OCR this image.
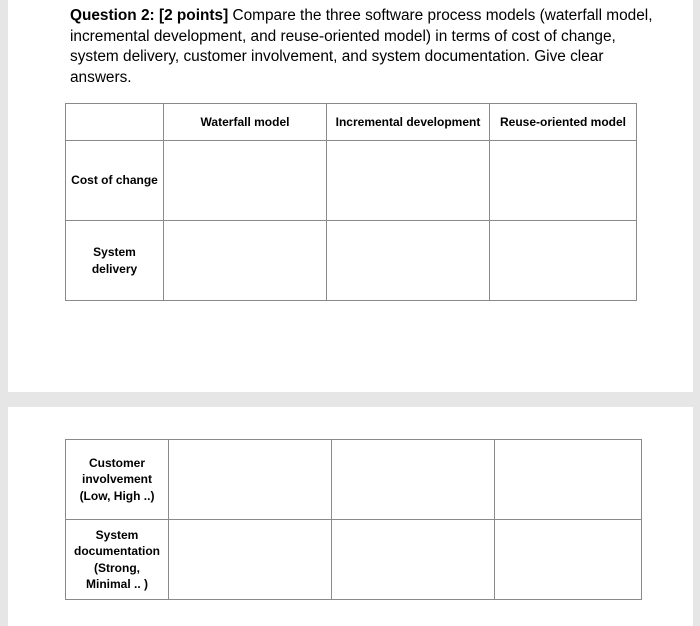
Question 2: [2 points] Compare the three software process models (waterfall model, incremental development, and reuse-oriented model) in terms of cost of change, system delivery, customer involvement, and system documentation. Give clear answers.

	Waterfall model	Incremental development	Reuse-oriented model
Cost of change			
System delivery			
Customer involvement (Low, High ..)			
System documentation (Strong, Minimal .. )			
